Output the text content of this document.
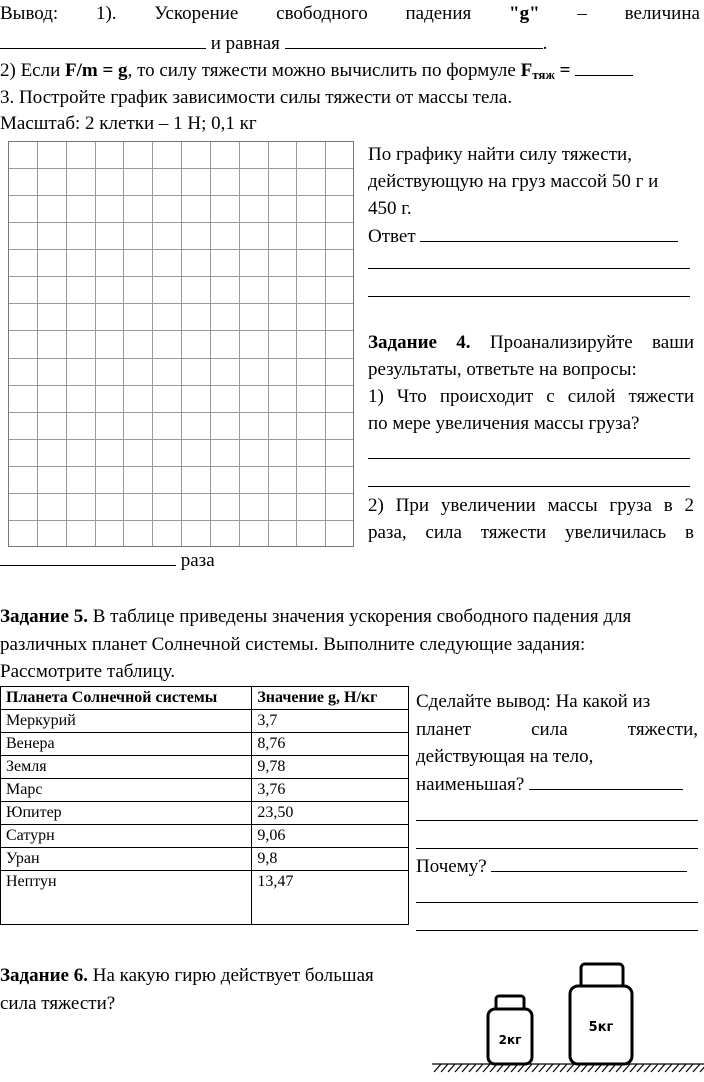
Вывод: 1). Ускорение свободного падения "g" – величина
и равная	.
2) Если F/m = g, то силу тяжести можно вычислить по формуле $F_{тяж}$ =
3. Постройте график зависимости силы тяжести от массы тела.
Масштаб: 2 клетки – 1 Н; 0,1 кг
По графику найти силу тяжести,
действующую на груз массой 50 г и
450 г.
Ответ
Задание 4. Проанализируйте ваши
результаты, ответьте на вопросы:
1) Что происходит с силой тяжести
по мере увеличения массы груза?
2) При увеличении массы груза в 2
раза, сила тяжести увеличилась в
раза
Задание 5. В таблице приведены значения ускорения свободного падения для
различных планет Солнечной системы. Выполните следующие задания:
Рассмотрите таблицу.
Планета Солнечной системы	Значение g, Н/кг
Меркурий	3,7
Венера	8,76
Земля	9,78
Марс	3,76
Юпитер	23,50
Сатурн	9,06
Уран	9,8
Нептун	13,47
Сделайте вывод: На какой из
планет	сила	тяжести,
действующая на тело,
наименьшая?
Почему?
Задание 6. На какую гирю действует большая
сила тяжести?
2кг
5кг
